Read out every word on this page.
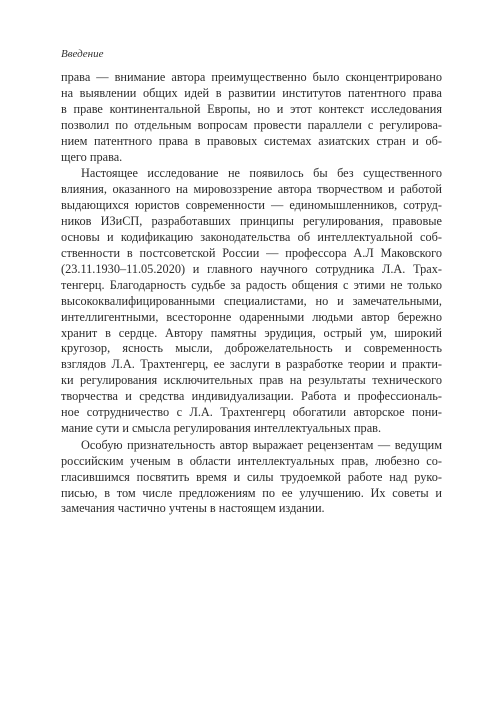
Введение

права — внимание автора преимущественно было сконцентрировано
на выявлении общих идей в развитии институтов патентного права
в праве континентальной Европы, но и этот контекст исследования
позволил по отдельным вопросам провести параллели с регулирова-
нием патентного права в правовых системах азиатских стран и об-
щего права.

Настоящее исследование не появилось бы без существенного
влияния, оказанного на мировоззрение автора творчеством и работой
выдающихся юристов современности — единомышленников, сотруд-
ников ИЗиСП, разработавших принципы регулирования, правовые
основы и кодификацию законодательства об интеллектуальной соб-
ственности в постсоветской России — профессора А.Л Маковского
(23.11.1930–11.05.2020) и главного научного сотрудника Л.А. Трах-
тенгерц. Благодарность судьбе за радость общения с этими не только
высококвалифицированными специалистами, но и замечательными,
интеллигентными, всесторонне одаренными людьми автор бережно
хранит в сердце. Автору памятны эрудиция, острый ум, широкий
кругозор, ясность мысли, доброжелательность и современность
взглядов Л.А. Трахтенгерц, ее заслуги в разработке теории и практи-
ки регулирования исключительных прав на результаты технического
творчества и средства индивидуализации. Работа и профессиональ-
ное сотрудничество с Л.А. Трахтенгерц обогатили авторское пони-
мание сути и смысла регулирования интеллектуальных прав.

Особую признательность автор выражает рецензентам — ведущим
российским ученым в области интеллектуальных прав, любезно со-
гласившимся посвятить время и силы трудоемкой работе над руко-
писью, в том числе предложениям по ее улучшению. Их советы и
замечания частично учтены в настоящем издании.
